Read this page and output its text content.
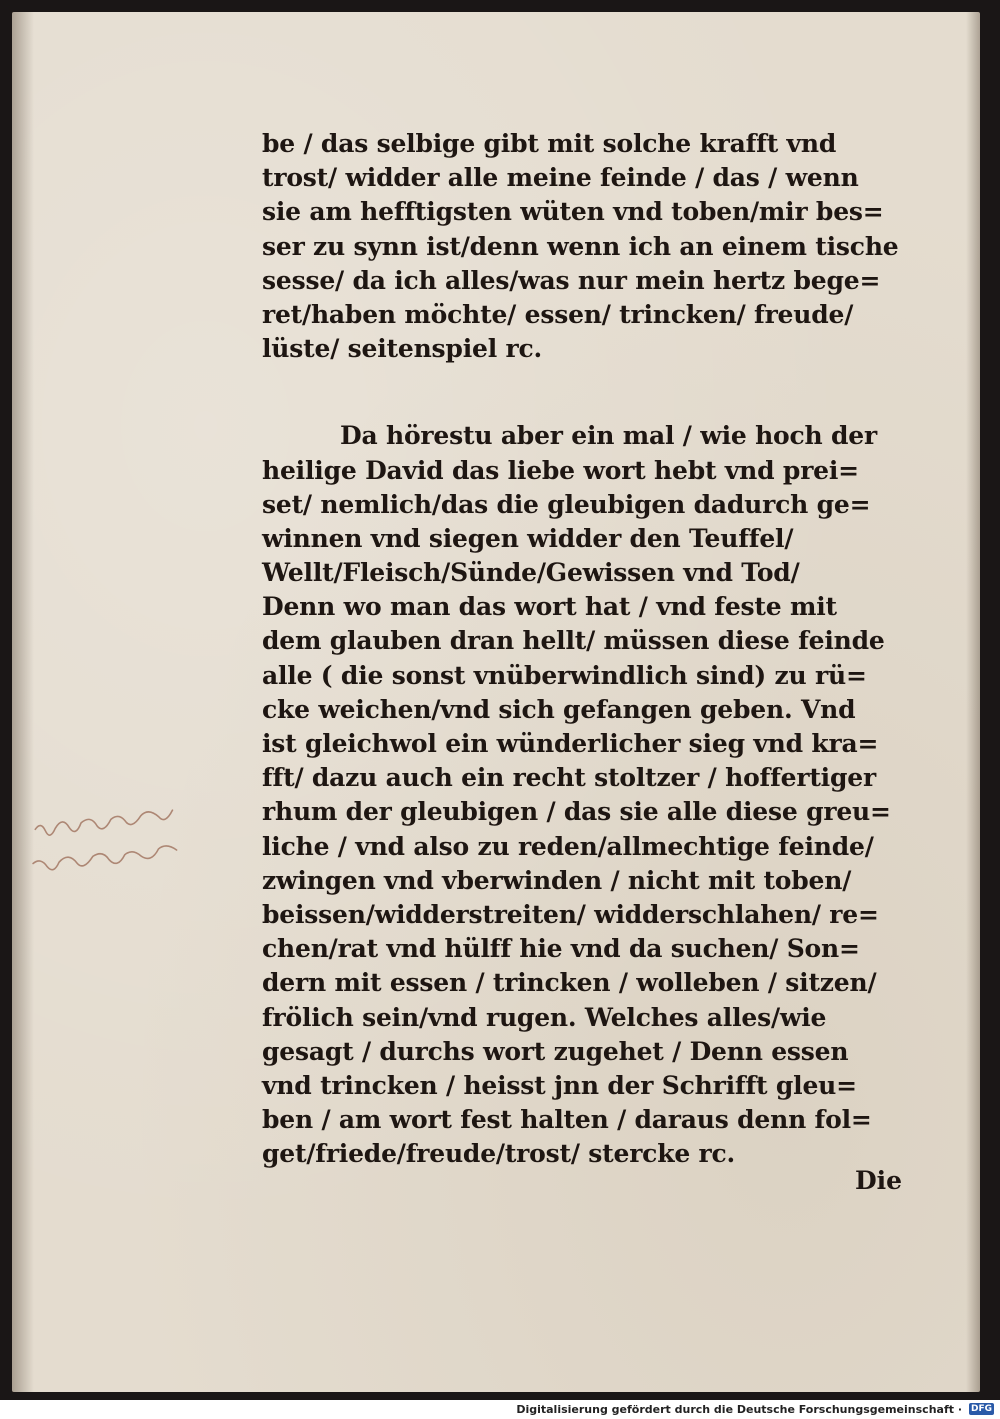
​
​
be / das selbige gibt mit solche krafft vnd
trost/ widder alle meine feinde / das / wenn
sie am hefftigsten wüten vnd toben/mir bes=
ser zu synn ist/denn wenn ich an einem tische
sesse/ da ich alles/was nur mein hertz bege=
ret/haben möchte/ essen/ trincken/ freude/
lüste/ seitenspiel rc.
Da hörestu aber ein mal / wie hoch der
heilige David das liebe wort hebt vnd prei=
set/ nemlich/das die gleubigen dadurch ge=
winnen vnd siegen widder den Teuffel/
Wellt/Fleisch/Sünde/Gewissen vnd Tod/
Denn wo man das wort hat / vnd feste mit
dem glauben dran hellt/ müssen diese feinde
alle ( die sonst vnüberwindlich sind) zu rü=
cke weichen/vnd sich gefangen geben. Vnd
ist gleichwol ein wünderlicher sieg vnd kra=
fft/ dazu auch ein recht stoltzer / hoffertiger
rhum der gleubigen / das sie alle diese greu=
liche / vnd also zu reden/allmechtige feinde/
zwingen vnd vberwinden / nicht mit toben/
beissen/widderstreiten/ widderschlahen/ re=
chen/rat vnd hülff hie vnd da suchen/ Son=
dern mit essen / trincken / wolleben / sitzen/
frölich sein/vnd rugen. Welches alles/wie
gesagt / durchs wort zugehet / Denn essen
vnd trincken / heisst jnn der Schrifft gleu=
ben / am wort fest halten / daraus denn fol=
get/friede/freude/trost/ stercke rc.
Die
Digitalisierung gefördert durch die Deutsche Forschungsgemeinschaft · DFG
